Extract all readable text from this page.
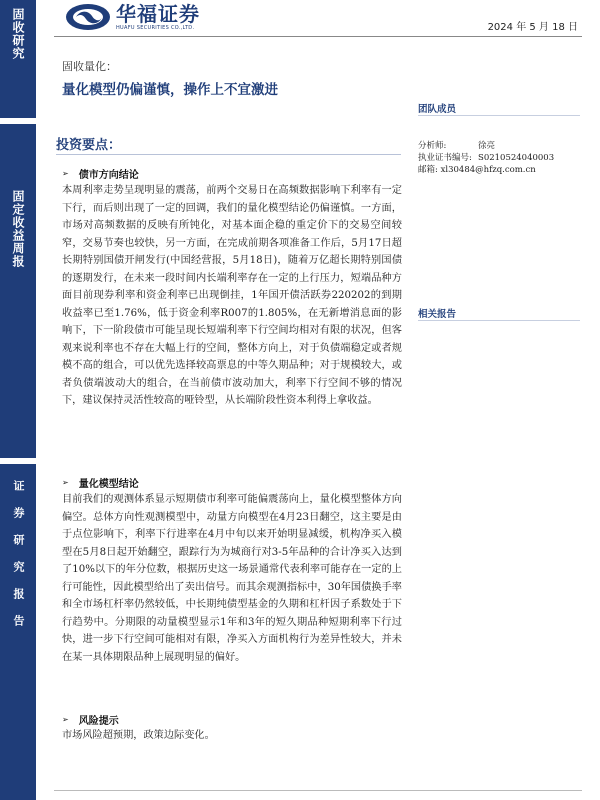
固收研究
固定收益周报
证券研究报告
华福证券
HUAFU SECURITIES CO.,LTD.	2024 年 5 月 18 日
固收量化：
量化模型仍偏谨慎，操作上不宜激进
团队成员
分析师:	徐亮
执业证书编号: S0210524040003
邮箱: xl30484@hfzq.com.cn
相关报告
投资要点：
➢ 债市方向结论
本周利率走势呈现明显的震荡，前两个交易日在高频数据影响下利率有一定下行，而后则出现了一定的回调，我们的量化模型结论仍偏谨慎。一方面，市场对高频数据的反映有所钝化，对基本面企稳的重定价下的交易空间较窄，交易节奏也较快，另一方面，在完成前期各项准备工作后，5月17日超长期特别国债开闸发行(中国经营报，5月18日)，随着万亿超长期特别国债的逐期发行，在未来一段时间内长端利率存在一定的上行压力，短端品种方面目前现券利率和资金利率已出现倒挂，1年国开债活跃券220202的到期收益率已至1.76%，低于资金利率R007的1.805%，在无新增消息面的影响下，下一阶段债市可能呈现长短端利率下行空间均相对有限的状况，但客观来说利率也不存在大幅上行的空间，整体方向上，对于负债端稳定或者规模不高的组合，可以优先选择较高票息的中等久期品种；对于规模较大，或者负债端波动大的组合，在当前债市波动加大，利率下行空间不够的情况下，建议保持灵活性较高的哑铃型，从长端阶段性资本利得上拿收益。
➢ 量化模型结论
目前我们的观测体系显示短期债市利率可能偏震荡向上，量化模型整体方向偏空。总体方向性观测模型中，动量方向模型在4月23日翻空，这主要是由于点位影响下，利率下行进率在4月中旬以来开始明显减缓，机构净买入模型在5月8日起开始翻空，跟踪行为为城商行对3-5年品种的合计净买入达到了10%以下的年分位数，根据历史这一场景通常代表利率可能存在一定的上行可能性，因此模型给出了卖出信号。而其余观测指标中，30年国债换手率和全市场杠杆率仍然较低，中长期纯债型基金的久期和杠杆因子系数处于下行趋势中。分期限的动量模型显示1年和3年的短久期品种短期利率下行过快，进一步下行空间可能相对有限，净买入方面机构行为差异性较大，并未在某一具体期限品种上展现明显的偏好。
➢ 风险提示
市场风险超预期，政策边际变化。
